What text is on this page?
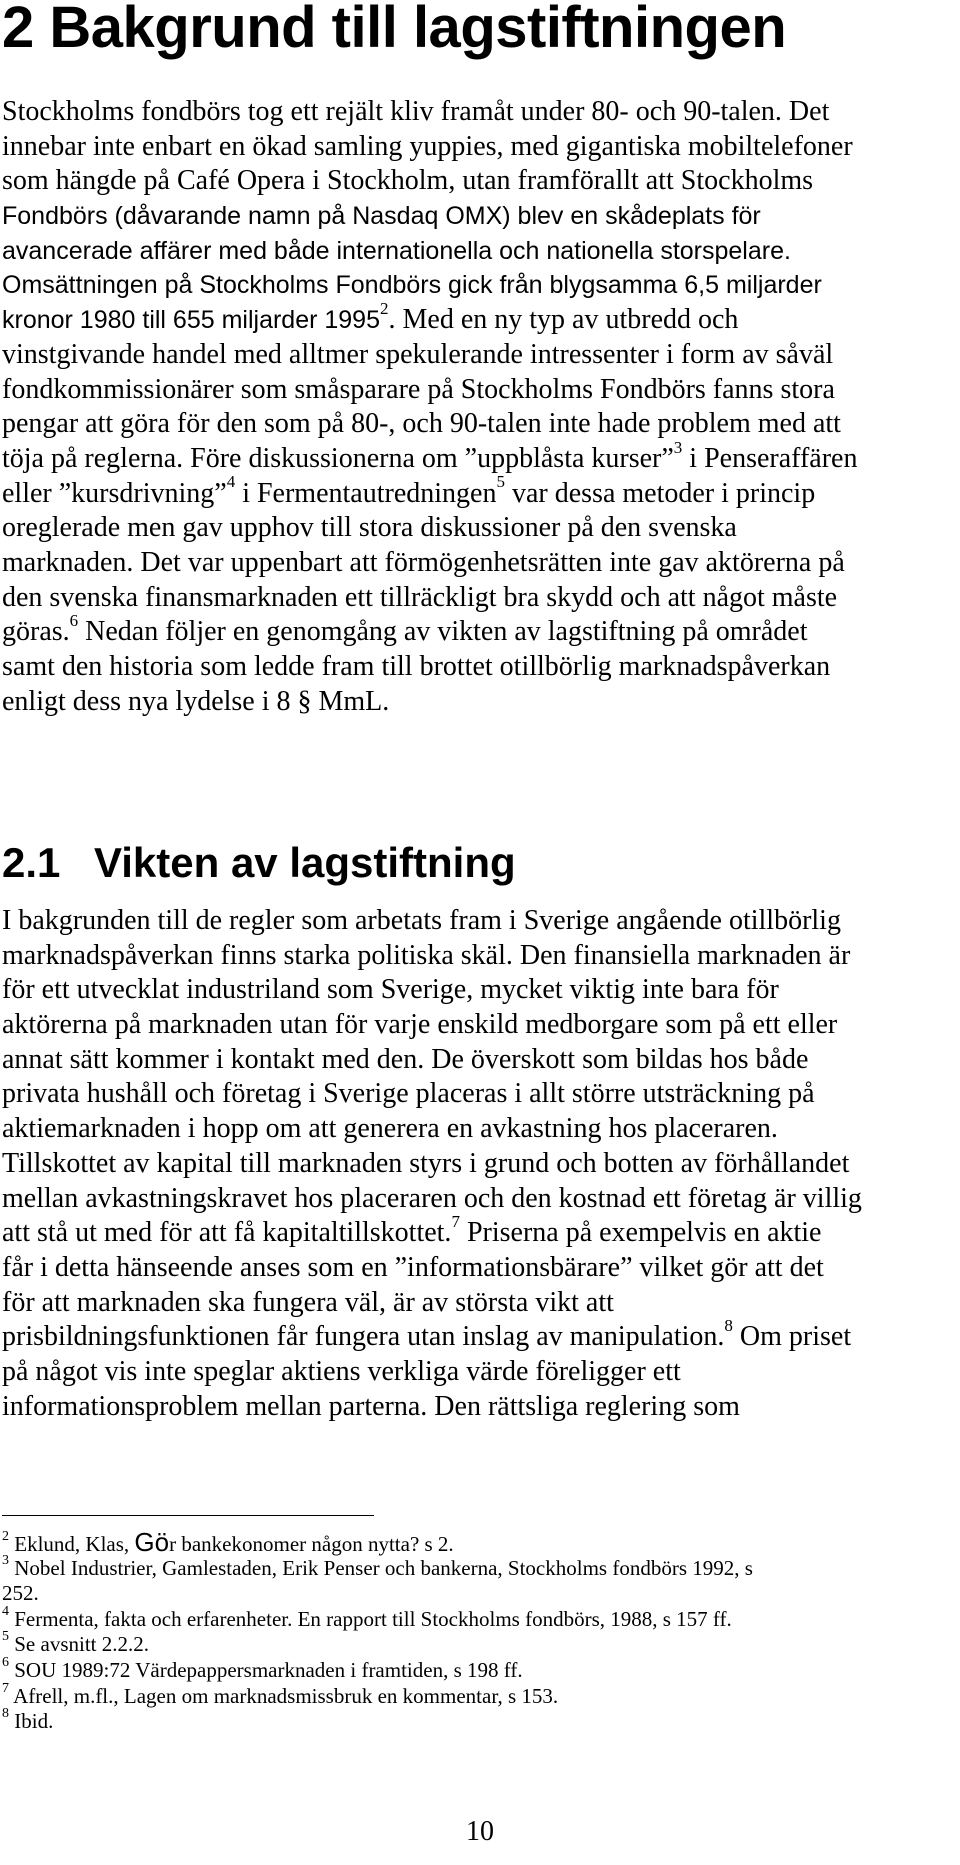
2 Bakgrund till lagstiftningen
Stockholms fondbörs tog ett rejält kliv framåt under 80- och 90-talen. Det
innebar inte enbart en ökad samling yuppies, med gigantiska mobiltelefoner
som hängde på Café Opera i Stockholm, utan framförallt att Stockholms
Fondbörs (dåvarande namn på Nasdaq OMX) blev en skådeplats för
avancerade affärer med både internationella och nationella storspelare.
Omsättningen på Stockholms Fondbörs gick från blygsamma 6,5 miljarder
kronor 1980 till 655 miljarder 1995$^2$. Med en ny typ av utbredd och
vinstgivande handel med alltmer spekulerande intressenter i form av såväl
fondkommissionärer som småsparare på Stockholms Fondbörs fanns stora
pengar att göra för den som på 80-, och 90-talen inte hade problem med att
töja på reglerna. Före diskussionerna om ”uppblåsta kurser”$^3$ i Penseraffären
eller ”kursdrivning”$^4$ i Fermentautredningen$^5$ var dessa metoder i princip
oreglerade men gav upphov till stora diskussioner på den svenska
marknaden. Det var uppenbart att förmögenhetsrätten inte gav aktörerna på
den svenska finansmarknaden ett tillräckligt bra skydd och att något måste
göras.$^6$ Nedan följer en genomgång av vikten av lagstiftning på området
samt den historia som ledde fram till brottet otillbörlig marknadspåverkan
enligt dess nya lydelse i 8 § MmL.
2.1 Vikten av lagstiftning
I bakgrunden till de regler som arbetats fram i Sverige angående otillbörlig
marknadspåverkan finns starka politiska skäl. Den finansiella marknaden är
för ett utvecklat industriland som Sverige, mycket viktig inte bara för
aktörerna på marknaden utan för varje enskild medborgare som på ett eller
annat sätt kommer i kontakt med den. De överskott som bildas hos både
privata hushåll och företag i Sverige placeras i allt större utsträckning på
aktiemarknaden i hopp om att generera en avkastning hos placeraren.
Tillskottet av kapital till marknaden styrs i grund och botten av förhållandet
mellan avkastningskravet hos placeraren och den kostnad ett företag är villig
att stå ut med för att få kapitaltillskottet.$^7$ Priserna på exempelvis en aktie
får i detta hänseende anses som en ”informationsbärare” vilket gör att det
för att marknaden ska fungera väl, är av största vikt att
prisbildningsfunktionen får fungera utan inslag av manipulation.$^8$ Om priset
på något vis inte speglar aktiens verkliga värde föreligger ett
informationsproblem mellan parterna. Den rättsliga reglering som
$^2$ Eklund, Klas, Gör bankekonomer någon nytta? s 2.
$^3$ Nobel Industrier, Gamlestaden, Erik Penser och bankerna, Stockholms fondbörs 1992, s
252.
$^4$ Fermenta, fakta och erfarenheter. En rapport till Stockholms fondbörs, 1988, s 157 ff.
$^5$ Se avsnitt 2.2.2.
$^6$ SOU 1989:72 Värdepappersmarknaden i framtiden, s 198 ff.
$^7$ Afrell, m.fl., Lagen om marknadsmissbruk en kommentar, s 153.
$^8$ Ibid.
10
